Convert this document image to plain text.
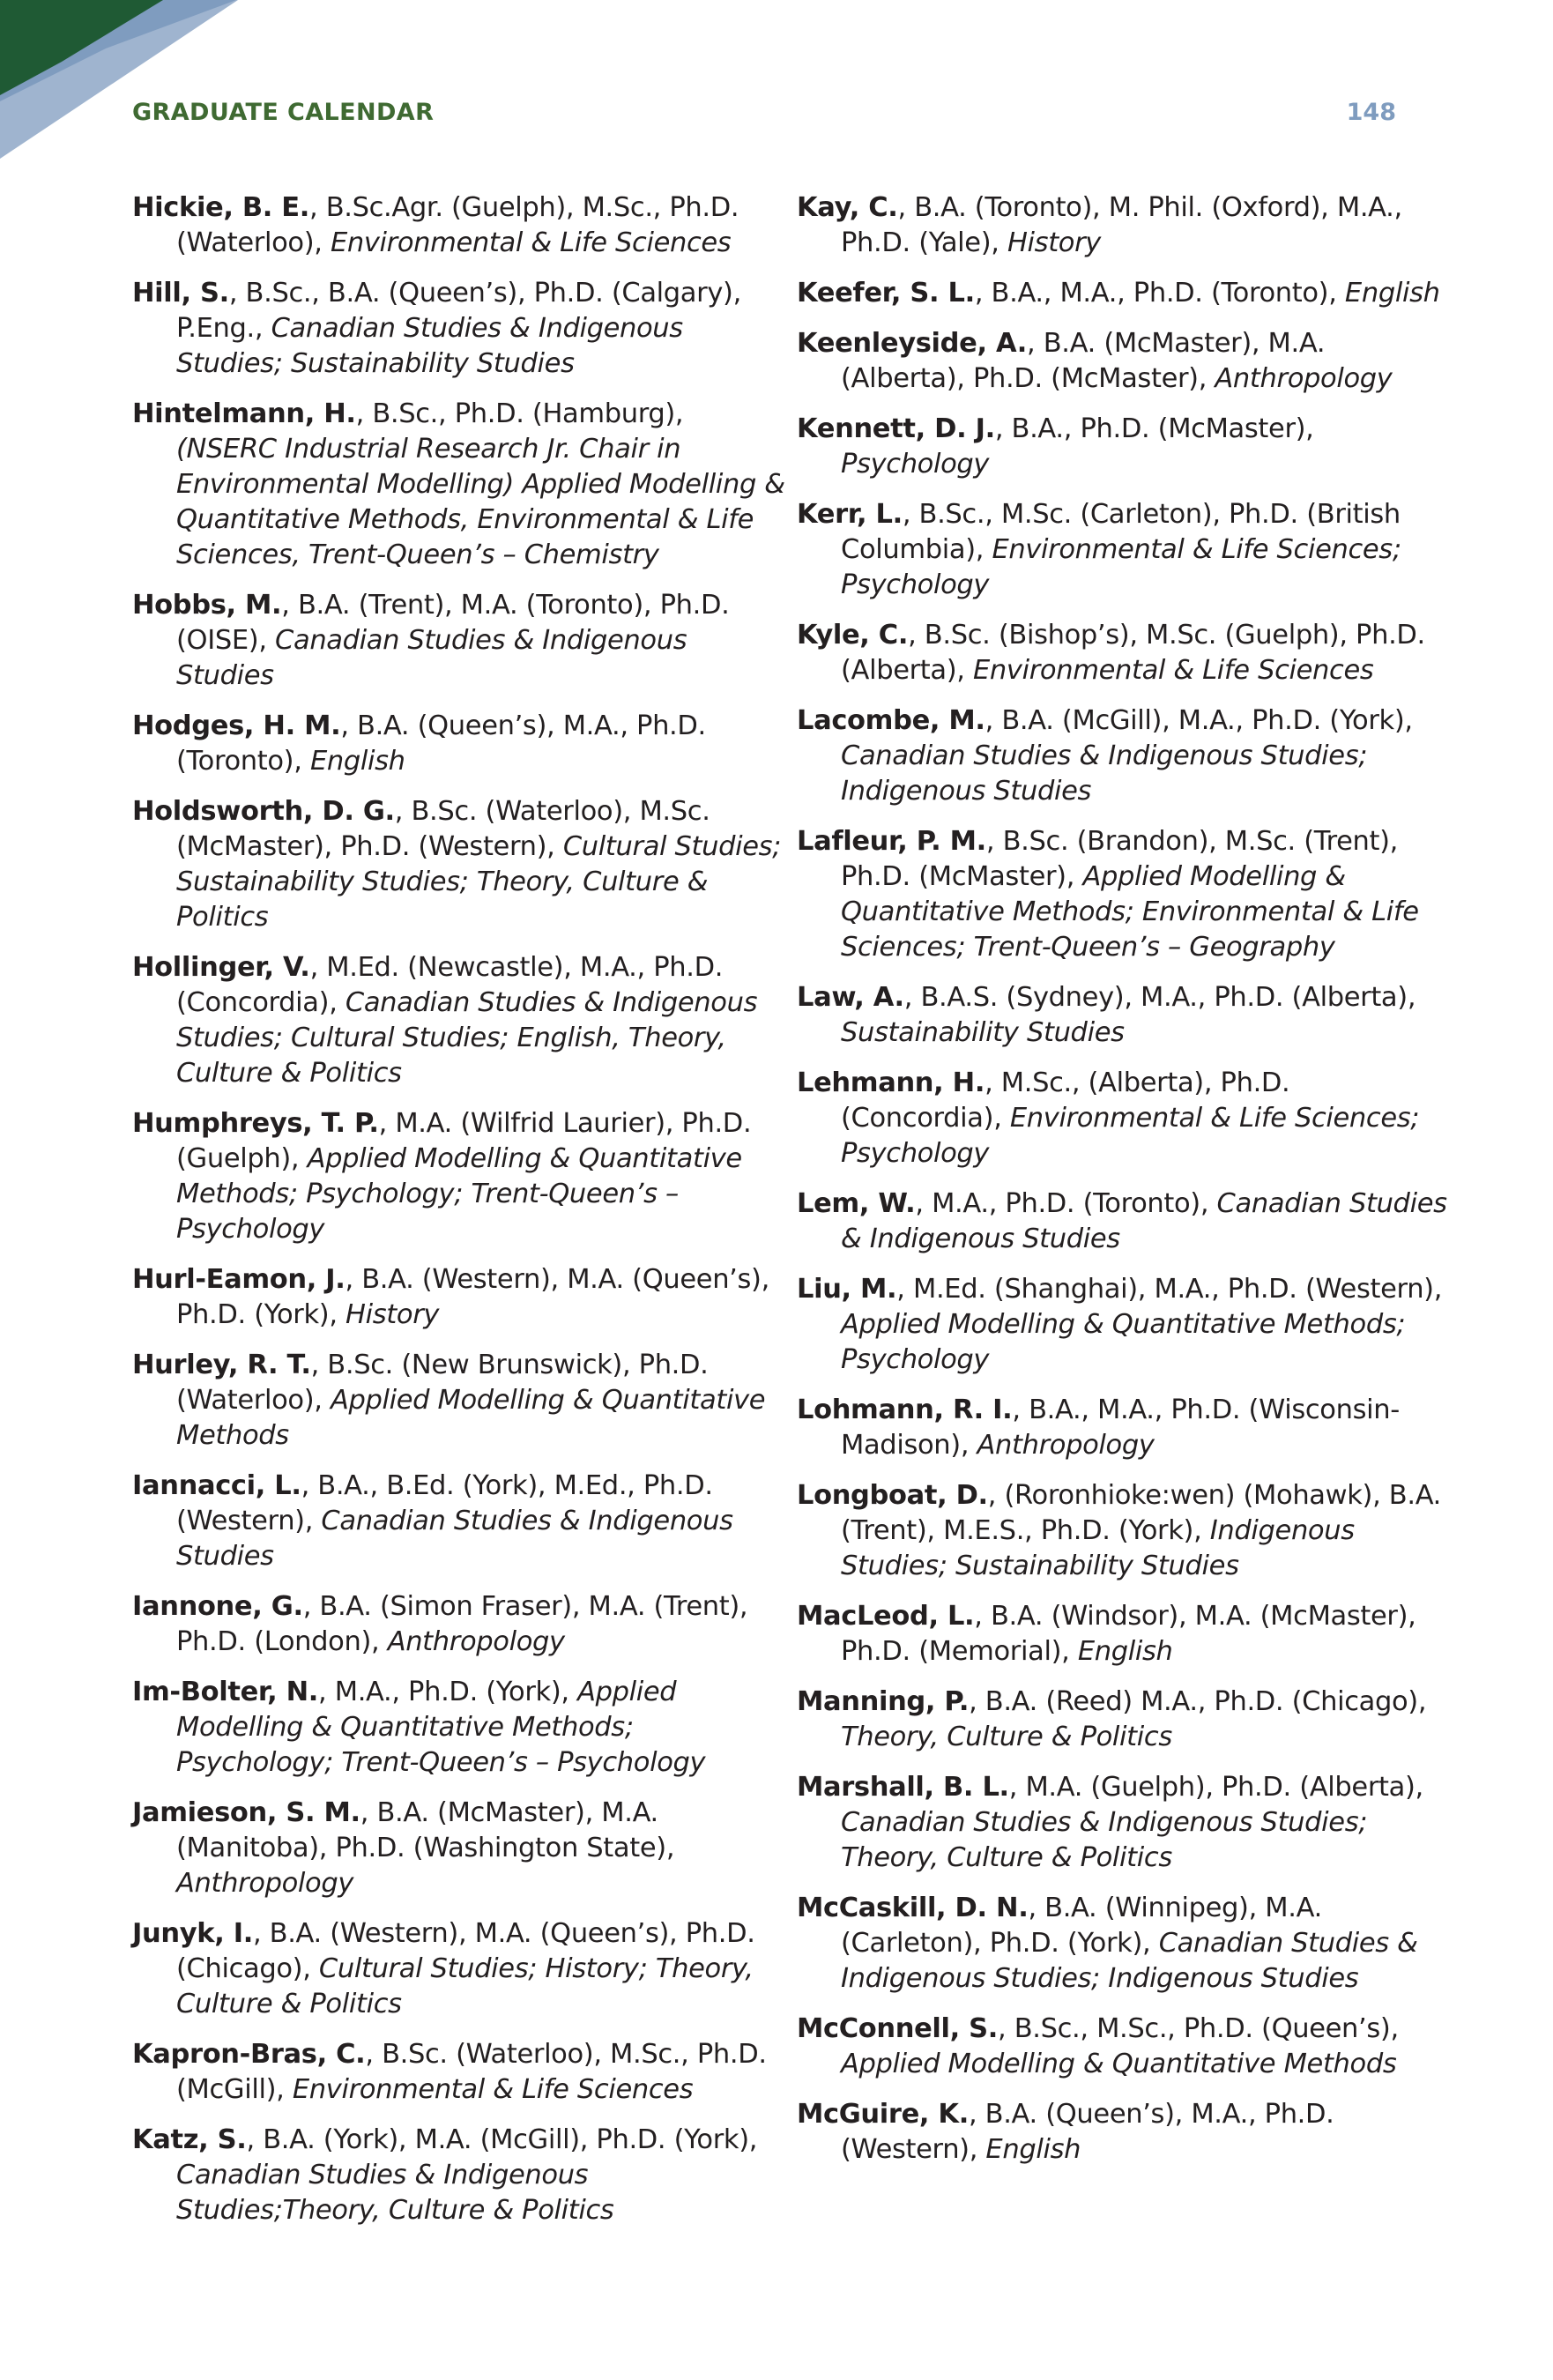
GRADUATE CALENDAR	148

Hickie, B. E., B.Sc.Agr. (Guelph), M.Sc., Ph.D. (Waterloo), Environmental & Life Sciences

Hill, S., B.Sc., B.A. (Queen’s), Ph.D. (Calgary), P.Eng., Canadian Studies & Indigenous Studies; Sustainability Studies

Hintelmann, H., B.Sc., Ph.D. (Hamburg), (NSERC Industrial Research Jr. Chair in Environmental Modelling) Applied Modelling & Quantitative Methods, Environmental & Life Sciences, Trent-Queen’s – Chemistry

Hobbs, M., B.A. (Trent), M.A. (Toronto), Ph.D. (OISE), Canadian Studies & Indigenous Studies

Hodges, H. M., B.A. (Queen’s), M.A., Ph.D. (Toronto), English

Holdsworth, D. G., B.Sc. (Waterloo), M.Sc. (McMaster), Ph.D. (Western), Cultural Studies; Sustainability Studies; Theory, Culture & Politics

Hollinger, V., M.Ed. (Newcastle), M.A., Ph.D. (Concordia), Canadian Studies & Indigenous Studies; Cultural Studies; English, Theory, Culture & Politics

Humphreys, T. P., M.A. (Wilfrid Laurier), Ph.D. (Guelph), Applied Modelling & Quantitative Methods; Psychology; Trent-Queen’s – Psychology

Hurl-Eamon, J., B.A. (Western), M.A. (Queen’s), Ph.D. (York), History

Hurley, R. T., B.Sc. (New Brunswick), Ph.D. (Waterloo), Applied Modelling & Quantitative Methods

Iannacci, L., B.A., B.Ed. (York), M.Ed., Ph.D. (Western), Canadian Studies & Indigenous Studies

Iannone, G., B.A. (Simon Fraser), M.A. (Trent), Ph.D. (London), Anthropology

Im-Bolter, N., M.A., Ph.D. (York), Applied Modelling & Quantitative Methods; Psychology; Trent-Queen’s – Psychology

Jamieson, S. M., B.A. (McMaster), M.A. (Manitoba), Ph.D. (Washington State), Anthropology

Junyk, I., B.A. (Western), M.A. (Queen’s), Ph.D. (Chicago), Cultural Studies; History; Theory, Culture & Politics

Kapron-Bras, C., B.Sc. (Waterloo), M.Sc., Ph.D. (McGill), Environmental & Life Sciences

Katz, S., B.A. (York), M.A. (McGill), Ph.D. (York), Canadian Studies & Indigenous Studies;Theory, Culture & Politics

Kay, C., B.A. (Toronto), M. Phil. (Oxford), M.A., Ph.D. (Yale), History

Keefer, S. L., B.A., M.A., Ph.D. (Toronto), English

Keenleyside, A., B.A. (McMaster), M.A. (Alberta), Ph.D. (McMaster), Anthropology

Kennett, D. J., B.A., Ph.D. (McMaster), Psychology

Kerr, L., B.Sc., M.Sc. (Carleton), Ph.D. (British Columbia), Environmental & Life Sciences; Psychology

Kyle, C., B.Sc. (Bishop’s), M.Sc. (Guelph), Ph.D. (Alberta), Environmental & Life Sciences

Lacombe, M., B.A. (McGill), M.A., Ph.D. (York), Canadian Studies & Indigenous Studies; Indigenous Studies

Lafleur, P. M., B.Sc. (Brandon), M.Sc. (Trent), Ph.D. (McMaster), Applied Modelling & Quantitative Methods; Environmental & Life Sciences; Trent-Queen’s – Geography

Law, A., B.A.S. (Sydney), M.A., Ph.D. (Alberta), Sustainability Studies

Lehmann, H., M.Sc., (Alberta), Ph.D. (Concordia), Environmental & Life Sciences; Psychology

Lem, W., M.A., Ph.D. (Toronto), Canadian Studies & Indigenous Studies

Liu, M., M.Ed. (Shanghai), M.A., Ph.D. (Western), Applied Modelling & Quantitative Methods; Psychology

Lohmann, R. I., B.A., M.A., Ph.D. (Wisconsin-Madison), Anthropology

Longboat, D., (Roronhioke:wen) (Mohawk), B.A. (Trent), M.E.S., Ph.D. (York), Indigenous Studies; Sustainability Studies

MacLeod, L., B.A. (Windsor), M.A. (McMaster), Ph.D. (Memorial), English

Manning, P., B.A. (Reed) M.A., Ph.D. (Chicago), Theory, Culture & Politics

Marshall, B. L., M.A. (Guelph), Ph.D. (Alberta), Canadian Studies & Indigenous Studies; Theory, Culture & Politics

McCaskill, D. N., B.A. (Winnipeg), M.A. (Carleton), Ph.D. (York), Canadian Studies & Indigenous Studies; Indigenous Studies

McConnell, S., B.Sc., M.Sc., Ph.D. (Queen’s), Applied Modelling & Quantitative Methods

McGuire, K., B.A. (Queen’s), M.A., Ph.D. (Western), English
